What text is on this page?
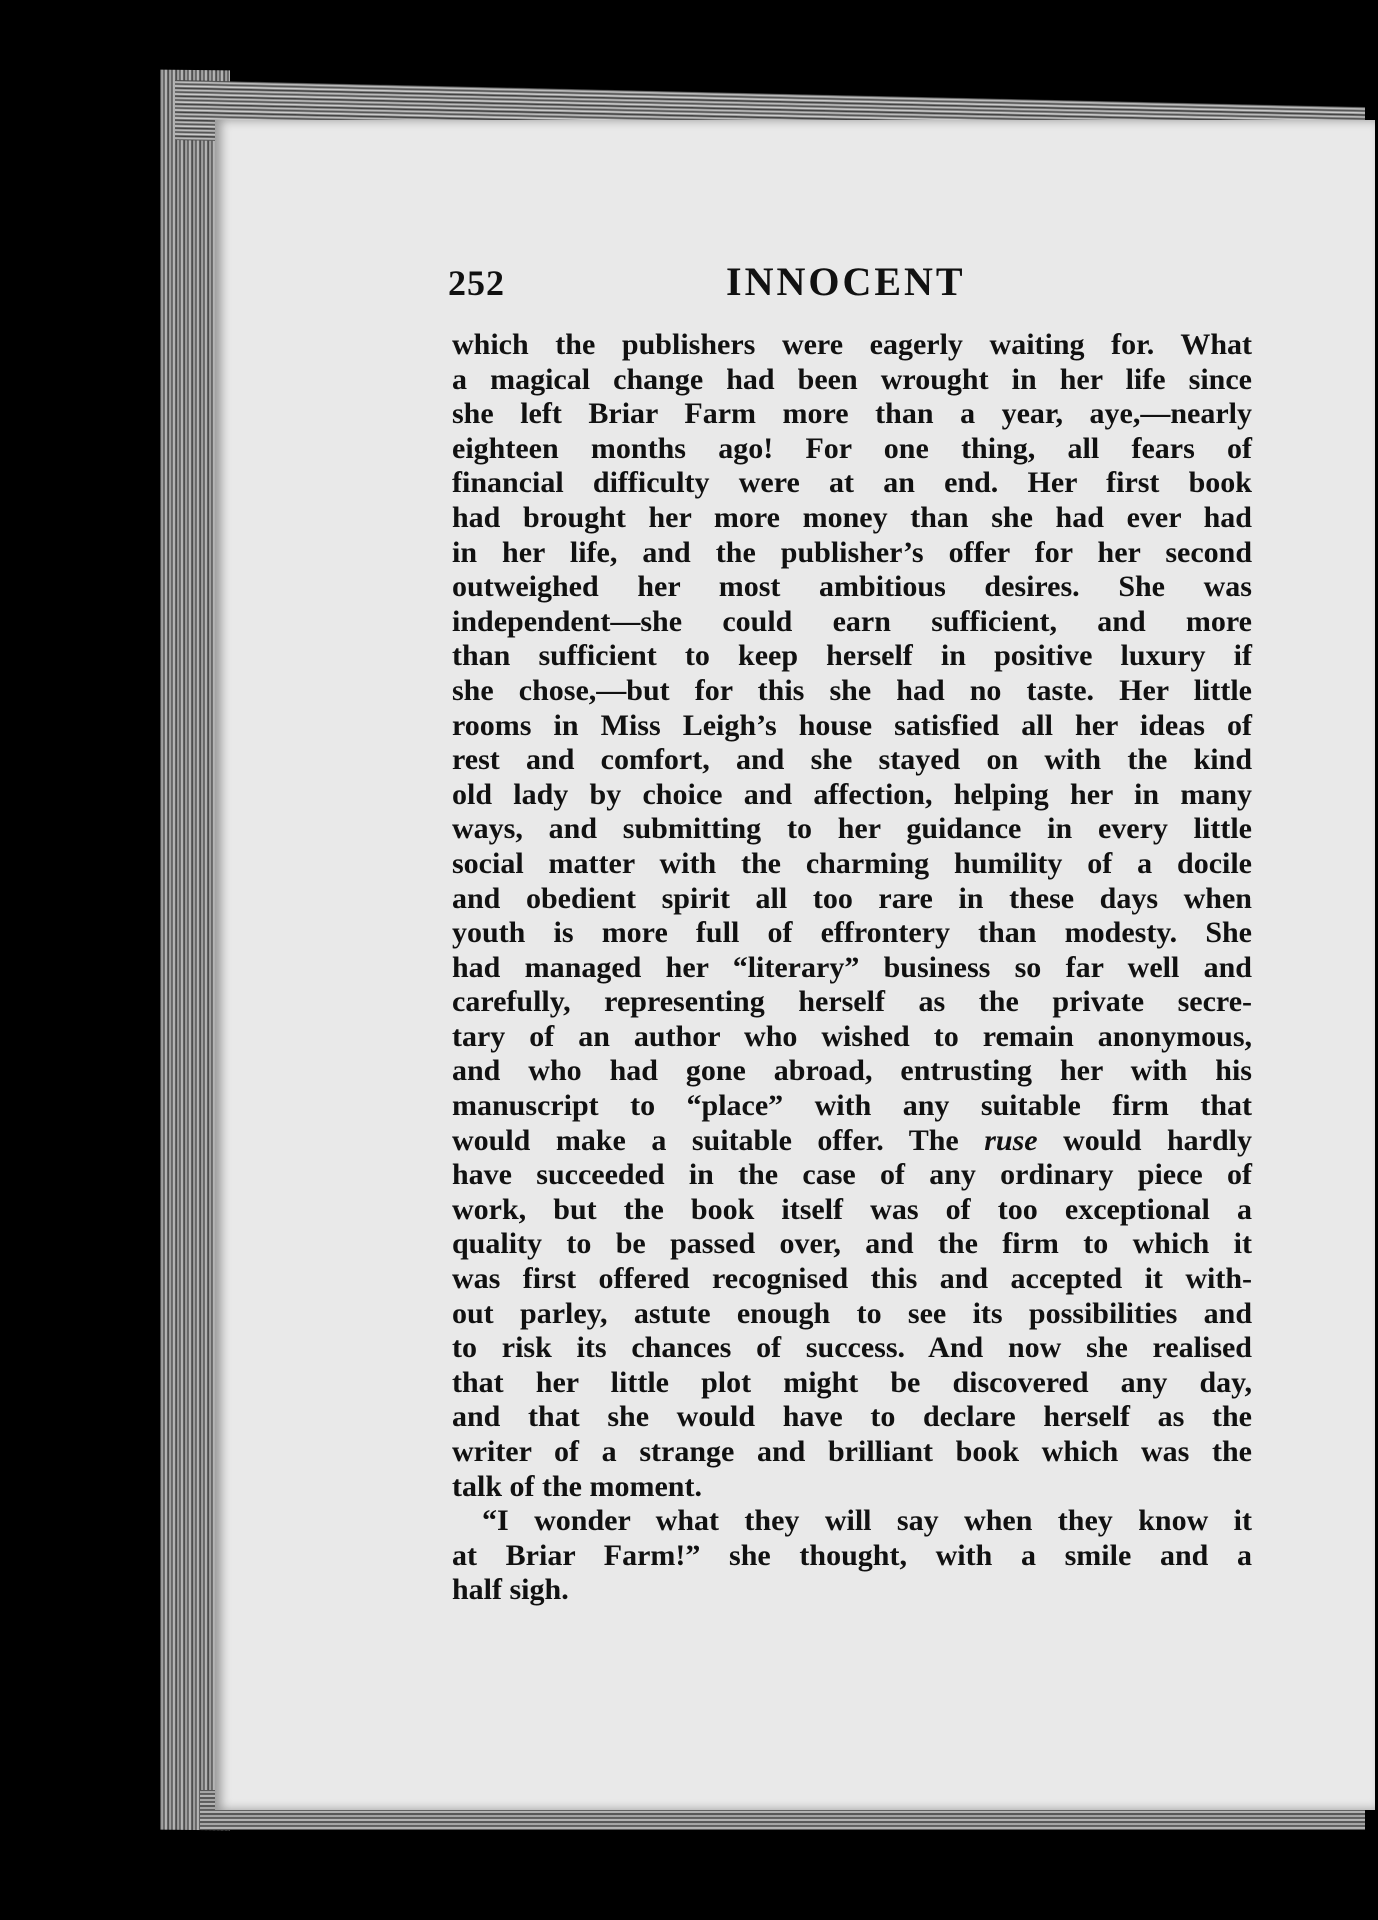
252	INNOCENT
which the publishers were eagerly waiting for. What
a magical change had been wrought in her life since
she left Briar Farm more than a year, aye,—nearly
eighteen months ago! For one thing, all fears of
financial difficulty were at an end. Her first book
had brought her more money than she had ever had
in her life, and the publisher’s offer for her second
outweighed her most ambitious desires. She was
independent—she could earn sufficient, and more
than sufficient to keep herself in positive luxury if
she chose,—but for this she had no taste. Her little
rooms in Miss Leigh’s house satisfied all her ideas of
rest and comfort, and she stayed on with the kind
old lady by choice and affection, helping her in many
ways, and submitting to her guidance in every little
social matter with the charming humility of a docile
and obedient spirit all too rare in these days when
youth is more full of effrontery than modesty. She
had managed her “literary” business so far well and
carefully, representing herself as the private secre-
tary of an author who wished to remain anonymous,
and who had gone abroad, entrusting her with his
manuscript to “place” with any suitable firm that
would make a suitable offer. The ruse would hardly
have succeeded in the case of any ordinary piece of
work, but the book itself was of too exceptional a
quality to be passed over, and the firm to which it
was first offered recognised this and accepted it with-
out parley, astute enough to see its possibilities and
to risk its chances of success. And now she realised
that her little plot might be discovered any day,
and that she would have to declare herself as the
writer of a strange and brilliant book which was the
talk of the moment.
“I wonder what they will say when they know it
at Briar Farm!” she thought, with a smile and a
half sigh.
